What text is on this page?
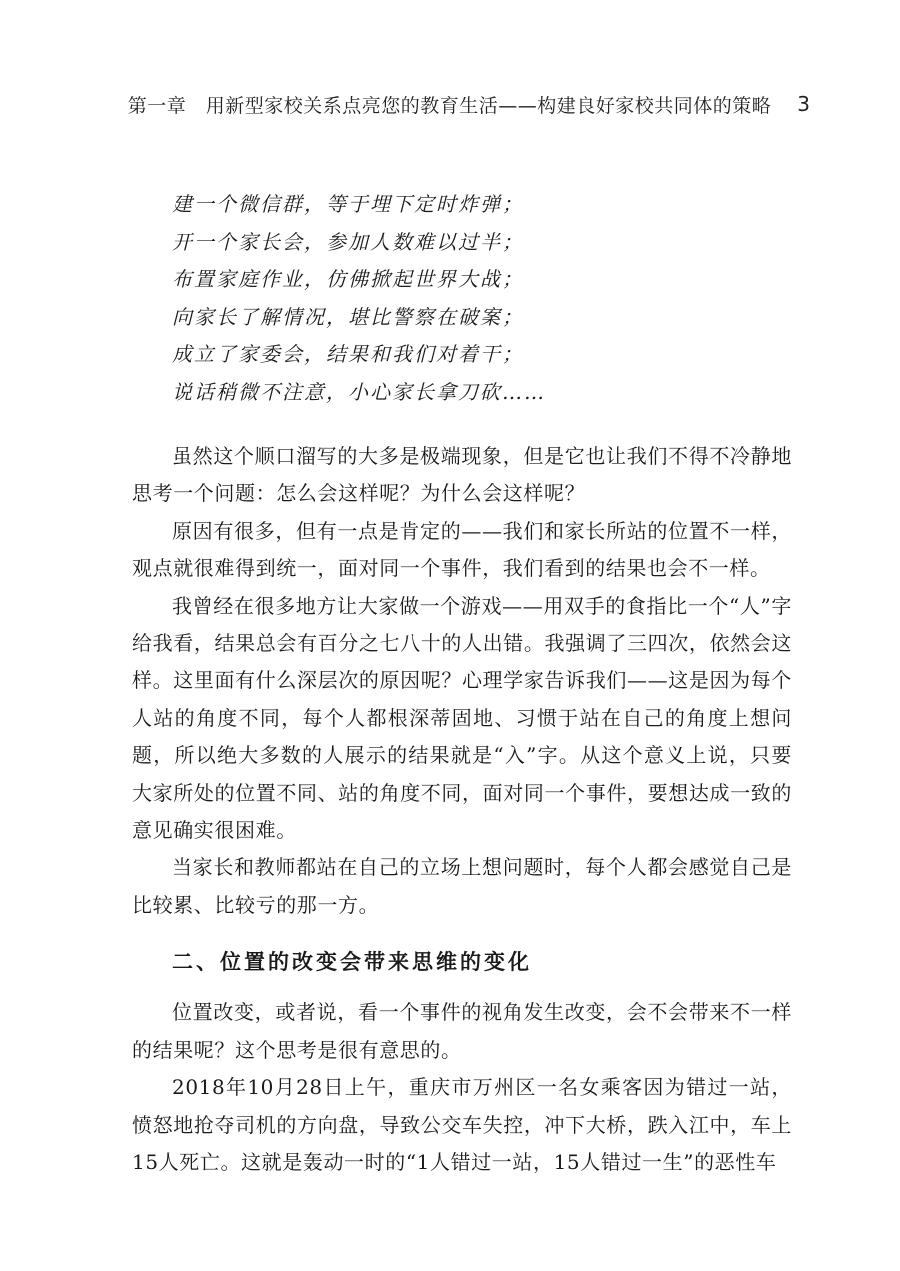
第一章　用新型家校关系点亮您的教育生活——构建良好家校共同体的策略 3
建一个微信群，等于埋下定时炸弹；
开一个家长会，参加人数难以过半；
布置家庭作业，仿佛掀起世界大战；
向家长了解情况，堪比警察在破案；
成立了家委会，结果和我们对着干；
说话稍微不注意，小心家长拿刀砍……

虽然这个顺口溜写的大多是极端现象，但是它也让我们不得不冷静地思考一个问题：怎么会这样呢？为什么会这样呢？

原因有很多，但有一点是肯定的——我们和家长所站的位置不一样，观点就很难得到统一，面对同一个事件，我们看到的结果也会不一样。

我曾经在很多地方让大家做一个游戏——用双手的食指比一个“人”字给我看，结果总会有百分之七八十的人出错。我强调了三四次，依然会这样。这里面有什么深层次的原因呢？心理学家告诉我们——这是因为每个人站的角度不同，每个人都根深蒂固地、习惯于站在自己的角度上想问题，所以绝大多数的人展示的结果就是“入”字。从这个意义上说，只要大家所处的位置不同、站的角度不同，面对同一个事件，要想达成一致的意见确实很困难。

当家长和教师都站在自己的立场上想问题时，每个人都会感觉自己是比较累、比较亏的那一方。

二、位置的改变会带来思维的变化

位置改变，或者说，看一个事件的视角发生改变，会不会带来不一样的结果呢？这个思考是很有意思的。

2018年10月28日上午，重庆市万州区一名女乘客因为错过一站，愤怒地抢夺司机的方向盘，导致公交车失控，冲下大桥，跌入江中，车上15人死亡。这就是轰动一时的“1人错过一站，15人错过一生”的恶性车
